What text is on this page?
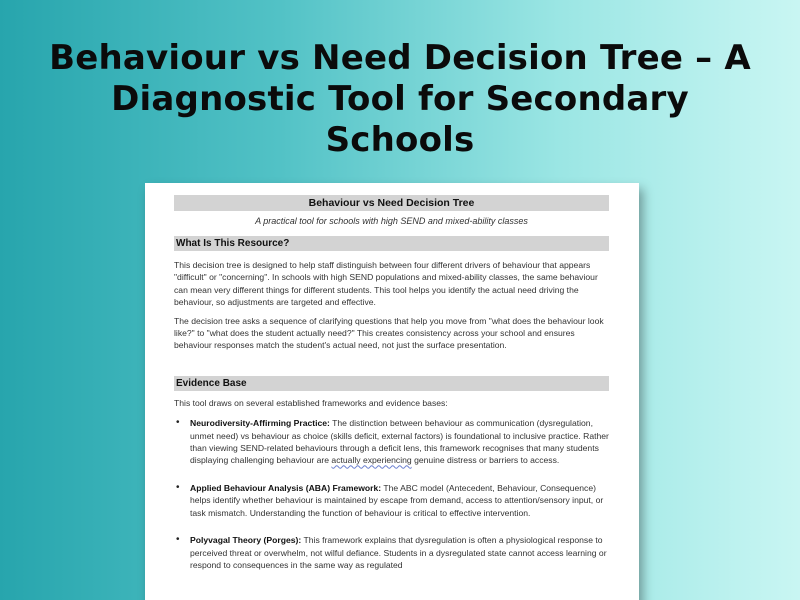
Behaviour vs Need Decision Tree – A Diagnostic Tool for Secondary Schools
Behaviour vs Need Decision Tree
A practical tool for schools with high SEND and mixed-ability classes
What Is This Resource?

This decision tree is designed to help staff distinguish between four different drivers of behaviour that appears "difficult" or "concerning". In schools with high SEND populations and mixed-ability classes, the same behaviour can mean very different things for different students. This tool helps you identify the actual need driving the behaviour, so adjustments are targeted and effective.

The decision tree asks a sequence of clarifying questions that help you move from "what does the behaviour look like?" to "what does the student actually need?" This creates consistency across your school and ensures behaviour responses match the student's actual need, not just the surface presentation.

Evidence Base

This tool draws on several established frameworks and evidence bases:

• Neurodiversity-Affirming Practice: The distinction between behaviour as communication (dysregulation, unmet need) vs behaviour as choice (skills deficit, external factors) is foundational to inclusive practice. Rather than viewing SEND-related behaviours through a deficit lens, this framework recognises that many students displaying challenging behaviour are actually experiencing genuine distress or barriers to access.
• Applied Behaviour Analysis (ABA) Framework: The ABC model (Antecedent, Behaviour, Consequence) helps identify whether behaviour is maintained by escape from demand, access to attention/sensory input, or task mismatch. Understanding the function of behaviour is critical to effective intervention.
• Polyvagal Theory (Porges): This framework explains that dysregulation is often a physiological response to perceived threat or overwhelm, not wilful defiance. Students in a dysregulated state cannot access learning or respond to consequences in the same way as regulated
